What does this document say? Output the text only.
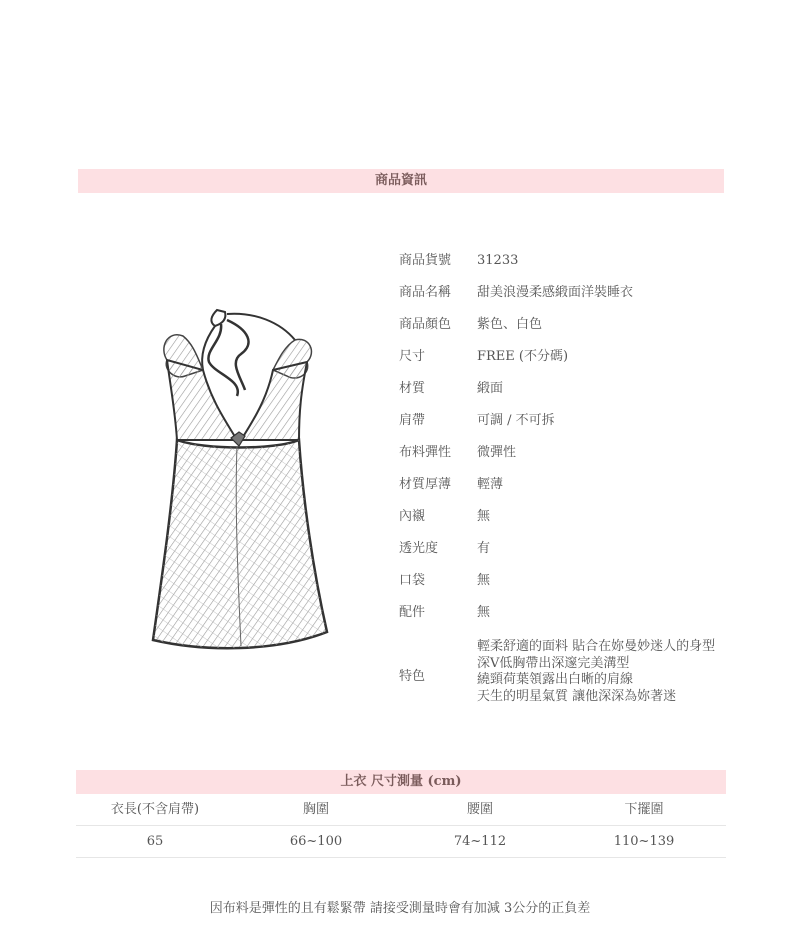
商品資訊
商品貨號	31233
商品名稱	甜美浪漫柔感緞面洋裝睡衣
商品顏色	紫色、白色
尺寸	FREE (不分碼)
材質	緞面
肩帶	可調 / 不可拆
布料彈性	微彈性
材質厚薄	輕薄
內襯	無
透光度	有
口袋	無
配件	無
特色
輕柔舒適的面料 貼合在妳曼妙迷人的身型
深V低胸帶出深邃完美溝型
繞頸荷葉領露出白晰的肩線
天生的明星氣質 讓他深深為妳著迷
上衣 尺寸測量 (cm)
衣長(不含肩帶)	胸圍	腰圍	下擺圍
65	66~100	74~112	110~139
因布料是彈性的且有鬆緊帶 請接受測量時會有加減 3公分的正負差
